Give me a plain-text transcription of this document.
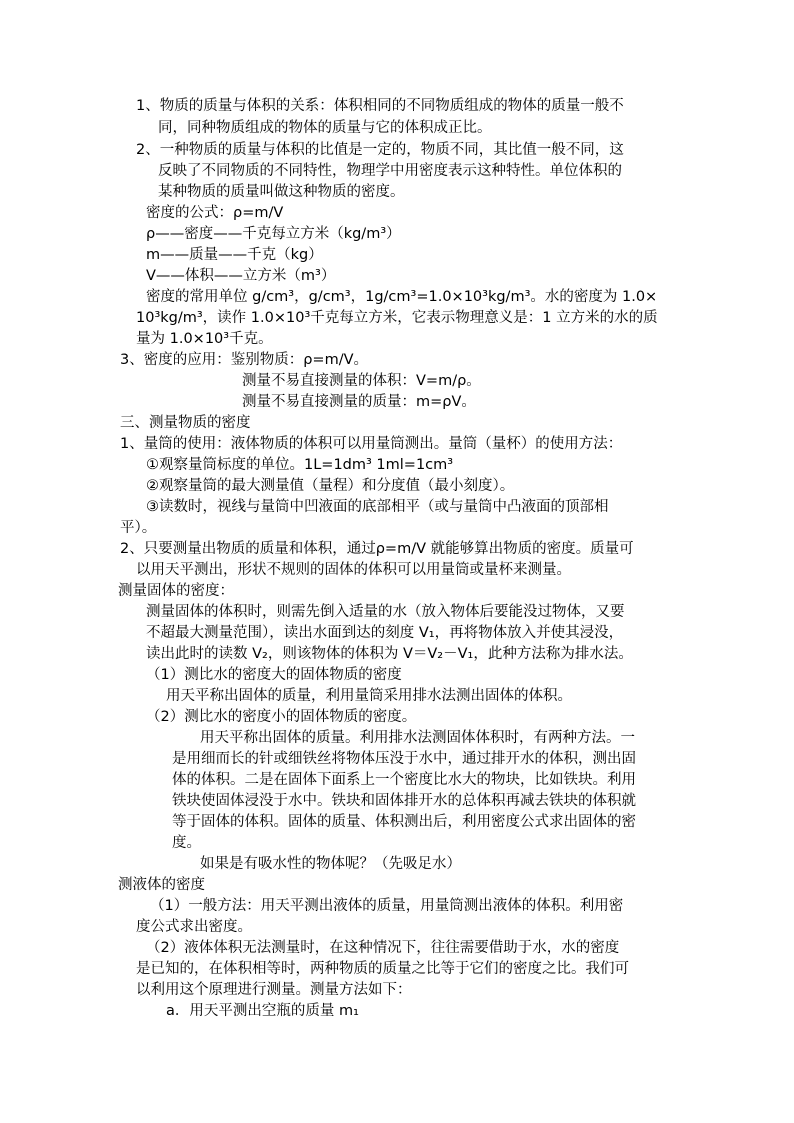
1、物质的质量与体积的关系：体积相同的不同物质组成的物体的质量一般不
同，同种物质组成的物体的质量与它的体积成正比。
2、一种物质的质量与体积的比值是一定的，物质不同，其比值一般不同，这
反映了不同物质的不同特性，物理学中用密度表示这种特性。单位体积的
某种物质的质量叫做这种物质的密度。
密度的公式：ρ=m/V
ρ——密度——千克每立方米（kg/m³）
m——质量——千克（kg）
V——体积——立方米（m³）
密度的常用单位 g/cm³，g/cm³，1g/cm³=1.0×10³kg/m³。水的密度为 1.0×
10³kg/m³，读作 1.0×10³千克每立方米，它表示物理意义是：1 立方米的水的质
量为 1.0×10³千克。
3、密度的应用：鉴别物质：ρ=m/V。
测量不易直接测量的体积：V=m/ρ。
测量不易直接测量的质量：m=ρV。
三、测量物质的密度
1、量筒的使用：液体物质的体积可以用量筒测出。量筒（量杯）的使用方法：
①观察量筒标度的单位。1L=1dm³ 1ml=1cm³
②观察量筒的最大测量值（量程）和分度值（最小刻度）。
③读数时，视线与量筒中凹液面的底部相平（或与量筒中凸液面的顶部相
平）。
2、只要测量出物质的质量和体积，通过ρ=m/V 就能够算出物质的密度。质量可
以用天平测出，形状不规则的固体的体积可以用量筒或量杯来测量。
测量固体的密度：
测量固体的体积时，则需先倒入适量的水（放入物体后要能没过物体，又要
不超最大测量范围），读出水面到达的刻度 V₁，再将物体放入并使其浸没，
读出此时的读数 V₂，则该物体的体积为 V＝V₂－V₁，此种方法称为排水法。
（1）测比水的密度大的固体物质的密度
用天平称出固体的质量，利用量筒采用排水法测出固体的体积。
（2）测比水的密度小的固体物质的密度。
用天平称出固体的质量。利用排水法测固体体积时，有两种方法。一
是用细而长的针或细铁丝将物体压没于水中，通过排开水的体积，测出固
体的体积。二是在固体下面系上一个密度比水大的物块，比如铁块。利用
铁块使固体浸没于水中。铁块和固体排开水的总体积再减去铁块的体积就
等于固体的体积。固体的质量、体积测出后，利用密度公式求出固体的密
度。
如果是有吸水性的物体呢？（先吸足水）
测液体的密度
（1）一般方法：用天平测出液体的质量，用量筒测出液体的体积。利用密
度公式求出密度。
（2）液体体积无法测量时，在这种情况下，往往需要借助于水，水的密度
是已知的，在体积相等时，两种物质的质量之比等于它们的密度之比。我们可
以利用这个原理进行测量。测量方法如下：
a．用天平测出空瓶的质量 m₁
